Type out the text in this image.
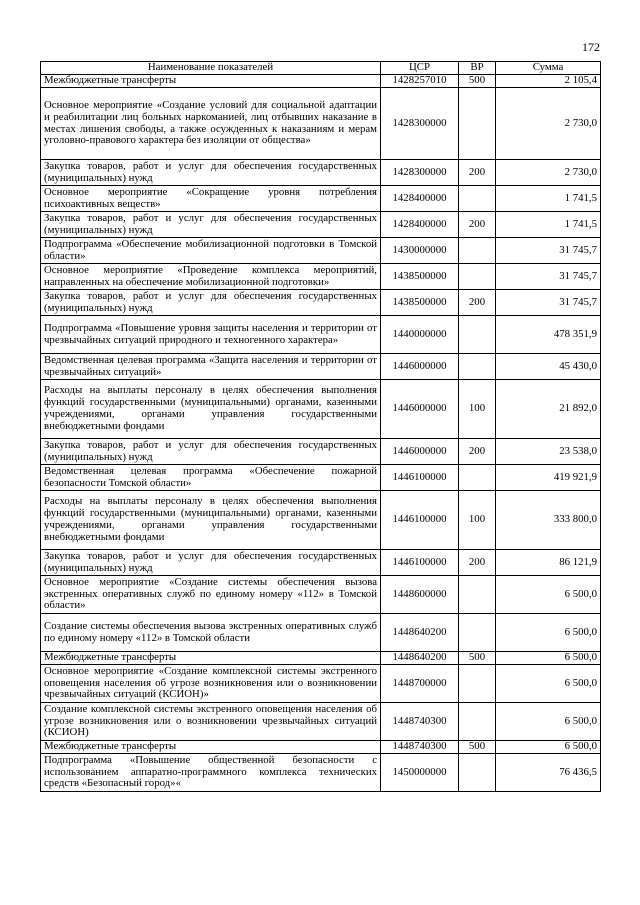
172
Наименование показателей	ЦСР	ВР	Сумма
Межбюджетные трансферты	1428257010	500	2 105,4
Основное мероприятие «Создание условий для социальной адаптации и реабилитации лиц больных наркоманией, лиц отбывших наказание в местах лишения свободы, а также осужденных к наказаниям и мерам уголовно-правового характера без изоляции от общества»	1428300000		2 730,0
Закупка товаров, работ и услуг для обеспечения государственных (муниципальных) нужд	1428300000	200	2 730,0
Основное мероприятие «Сокращение уровня потребления психоактивных веществ»	1428400000		1 741,5
Закупка товаров, работ и услуг для обеспечения государственных (муниципальных) нужд	1428400000	200	1 741,5
Подпрограмма «Обеспечение мобилизационной подготовки в Томской области»	1430000000		31 745,7
Основное мероприятие «Проведение комплекса мероприятий, направленных на обеспечение мобилизационной подготовки»	1438500000		31 745,7
Закупка товаров, работ и услуг для обеспечения государственных (муниципальных) нужд	1438500000	200	31 745,7
Подпрограмма «Повышение уровня защиты населения и территории от чрезвычайных ситуаций природного и техногенного характера»	1440000000		478 351,9
Ведомственная целевая программа «Защита населения и территории от чрезвычайных ситуаций»	1446000000		45 430,0
Расходы на выплаты персоналу в целях обеспечения выполнения функций государственными (муниципальными) органами, казенными учреждениями, органами управления государственными внебюджетными фондами	1446000000	100	21 892,0
Закупка товаров, работ и услуг для обеспечения государственных (муниципальных) нужд	1446000000	200	23 538,0
Ведомственная целевая программа «Обеспечение пожарной безопасности Томской области»	1446100000		419 921,9
Расходы на выплаты персоналу в целях обеспечения выполнения функций государственными (муниципальными) органами, казенными учреждениями, органами управления государственными внебюджетными фондами	1446100000	100	333 800,0
Закупка товаров, работ и услуг для обеспечения государственных (муниципальных) нужд	1446100000	200	86 121,9
Основное мероприятие «Создание системы обеспечения вызова экстренных оперативных служб по единому номеру «112» в Томской области»	1448600000		6 500,0
Создание системы обеспечения вызова экстренных оперативных служб по единому номеру «112» в Томской области	1448640200		6 500,0
Межбюджетные трансферты	1448640200	500	6 500,0
Основное мероприятие «Создание комплексной системы экстренного оповещения населения об угрозе возникновения или о возникновении чрезвычайных ситуаций (КСИОН)»	1448700000		6 500,0
Создание комплексной системы экстренного оповещения населения об угрозе возникновения или о возникновении чрезвычайных ситуаций (КСИОН)	1448740300		6 500,0
Межбюджетные трансферты	1448740300	500	6 500,0
Подпрограмма «Повышение общественной безопасности с использованием аппаратно-программного комплекса технических средств «Безопасный город»«	1450000000		76 436,5
